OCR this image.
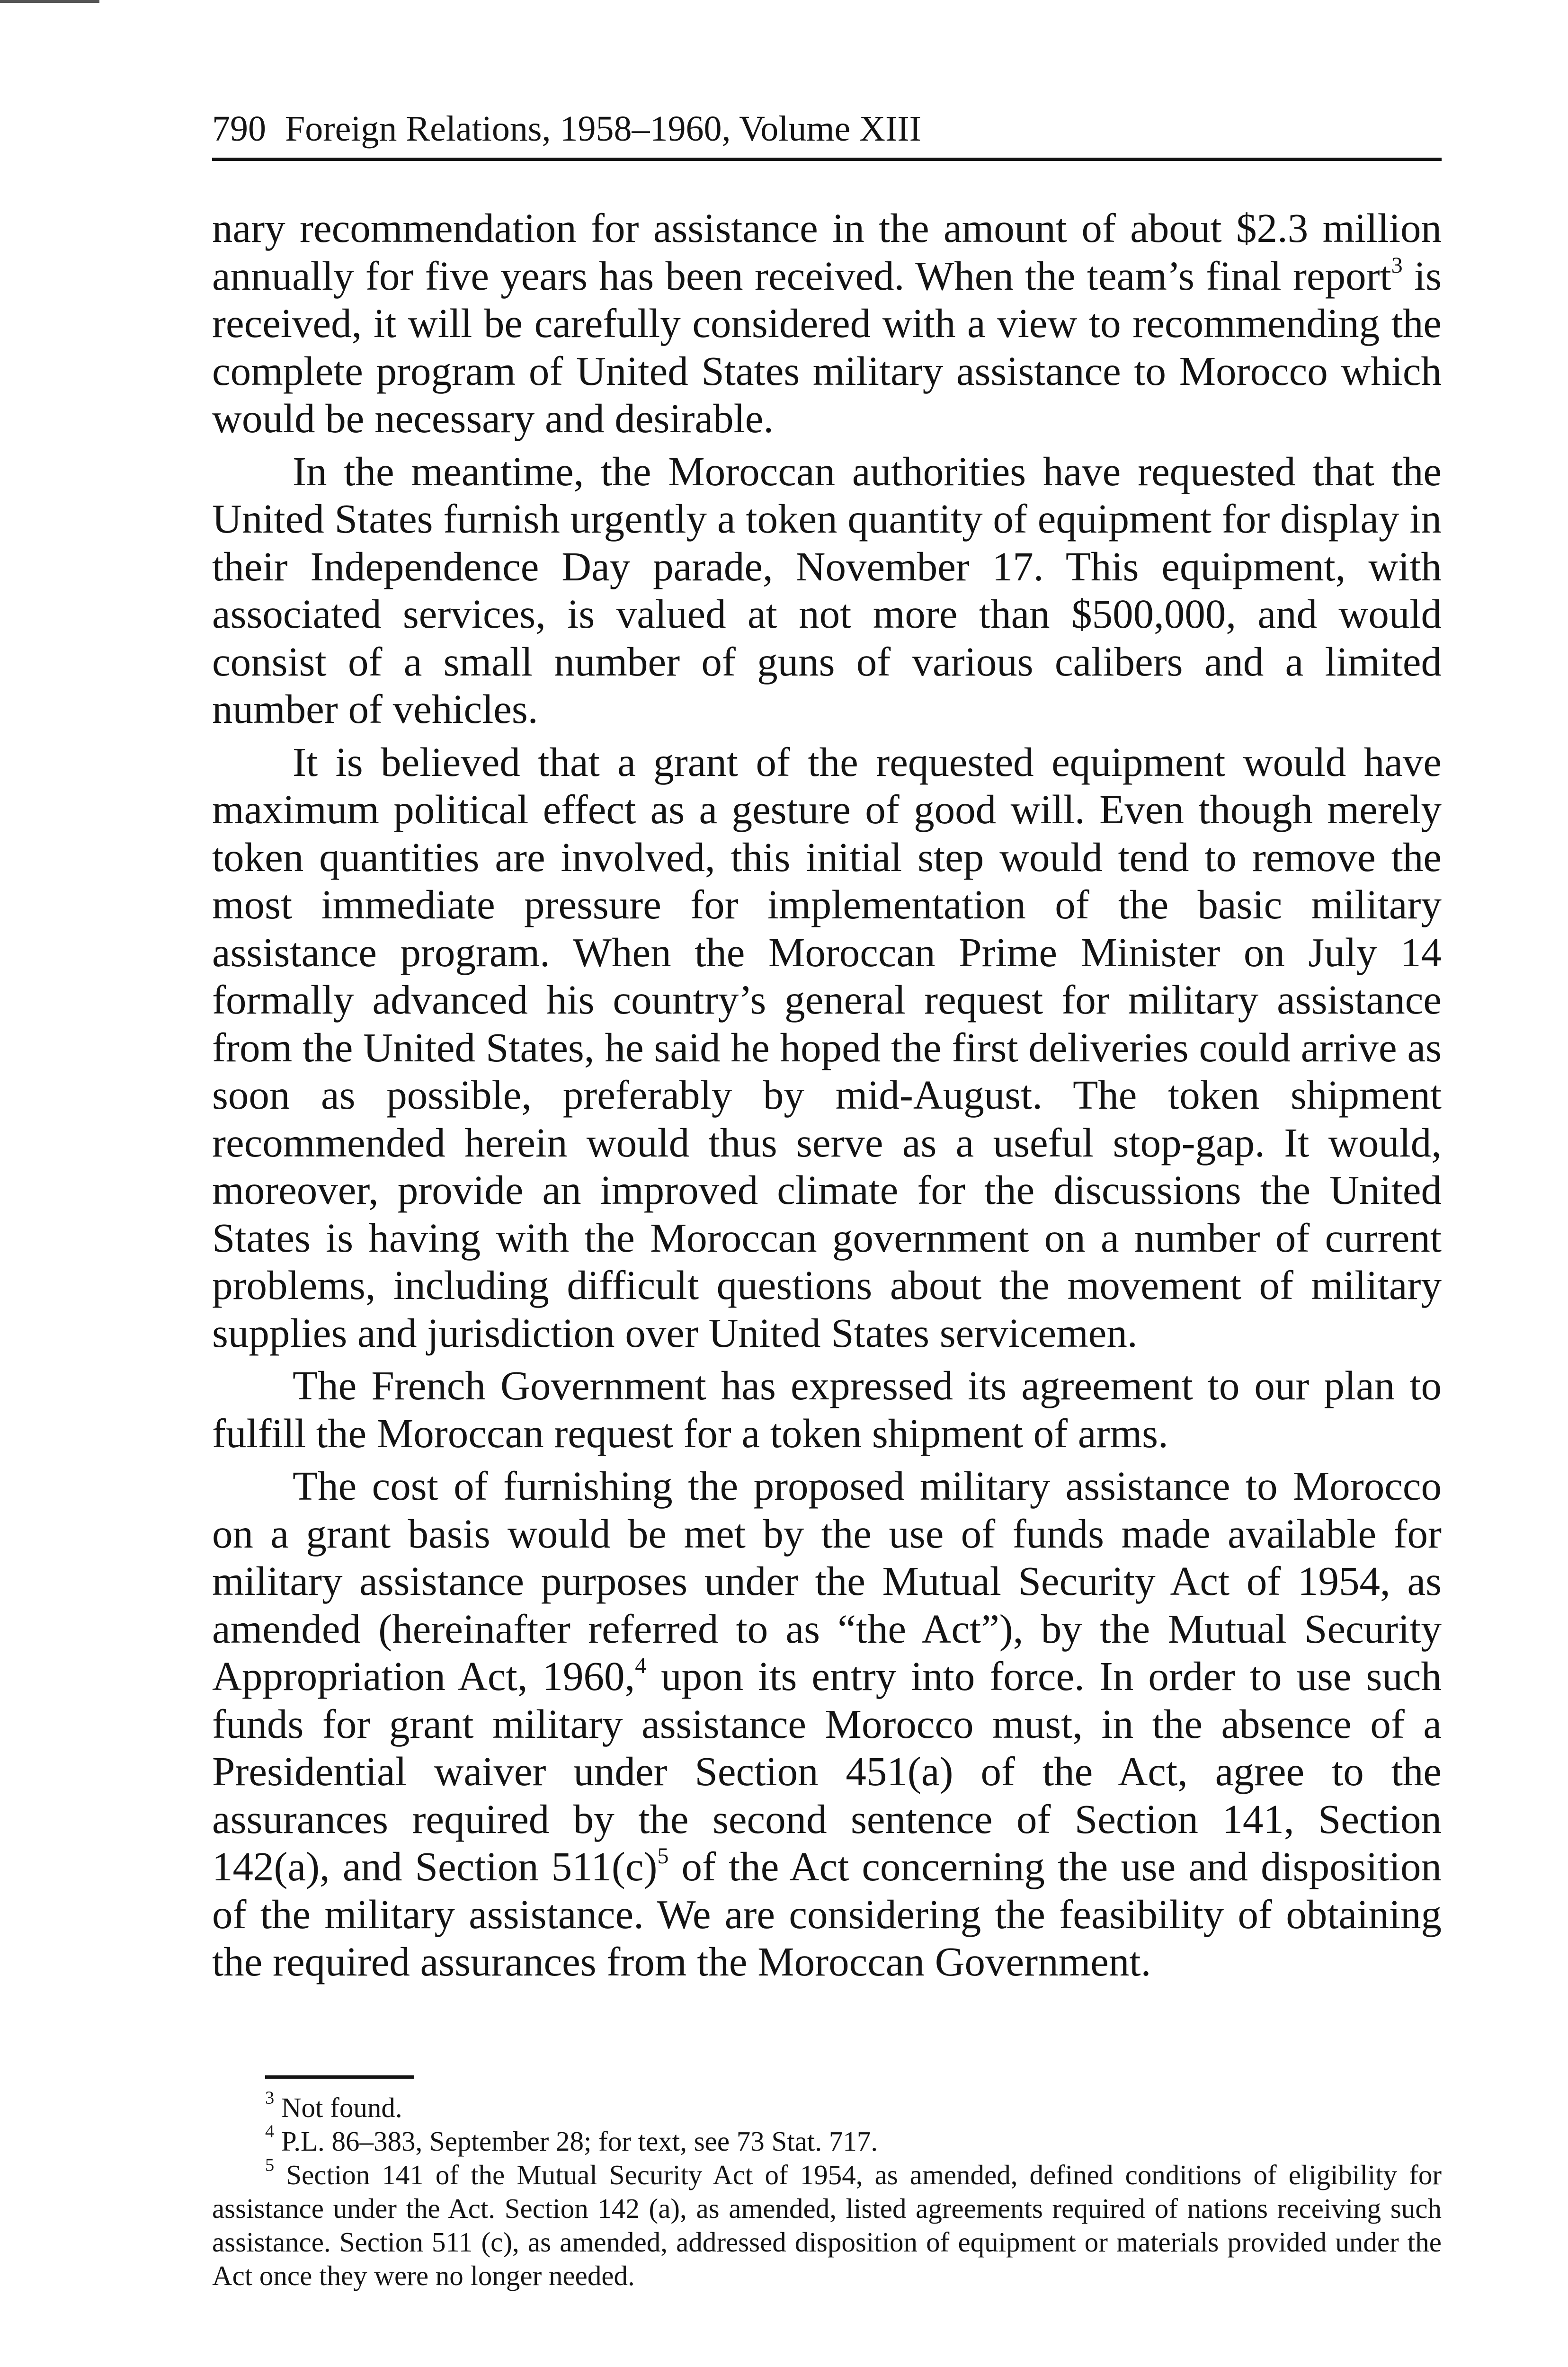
790 Foreign Relations, 1958–1960, Volume XIII

nary recommendation for assistance in the amount of about $2.3 million annually for five years has been received. When the team’s final report$^3$ is received, it will be carefully considered with a view to recommending the complete program of United States military assistance to Morocco which would be necessary and desirable.

In the meantime, the Moroccan authorities have requested that the United States furnish urgently a token quantity of equipment for display in their Independence Day parade, November 17. This equipment, with associated services, is valued at not more than $500,000, and would consist of a small number of guns of various calibers and a limited number of vehicles.

It is believed that a grant of the requested equipment would have maximum political effect as a gesture of good will. Even though merely token quantities are involved, this initial step would tend to remove the most immediate pressure for implementation of the basic military assistance program. When the Moroccan Prime Minister on July 14 formally advanced his country’s general request for military assistance from the United States, he said he hoped the first deliveries could arrive as soon as possible, preferably by mid-August. The token shipment recommended herein would thus serve as a useful stop-gap. It would, moreover, provide an improved climate for the discussions the United States is having with the Moroccan government on a number of current problems, including difficult questions about the movement of military supplies and jurisdiction over United States servicemen.

The French Government has expressed its agreement to our plan to fulfill the Moroccan request for a token shipment of arms.

The cost of furnishing the proposed military assistance to Morocco on a grant basis would be met by the use of funds made available for military assistance purposes under the Mutual Security Act of 1954, as amended (hereinafter referred to as “the Act”), by the Mutual Security Appropriation Act, 1960,$^4$ upon its entry into force. In order to use such funds for grant military assistance Morocco must, in the absence of a Presidential waiver under Section 451(a) of the Act, agree to the assurances required by the second sentence of Section 141, Section 142(a), and Section $511(c)^5$ of the Act concerning the use and disposition of the military assistance. We are considering the feasibility of obtaining the required assurances from the Moroccan Government.

$^3$ Not found.

$^4$ P.L. 86–383, September 28; for text, see 73 Stat. 717.

$^5$ Section 141 of the Mutual Security Act of 1954, as amended, defined conditions of eligibility for assistance under the Act. Section 142 (a), as amended, listed agreements required of nations receiving such assistance. Section 511 (c), as amended, addressed disposition of equipment or materials provided under the Act once they were no longer needed.
